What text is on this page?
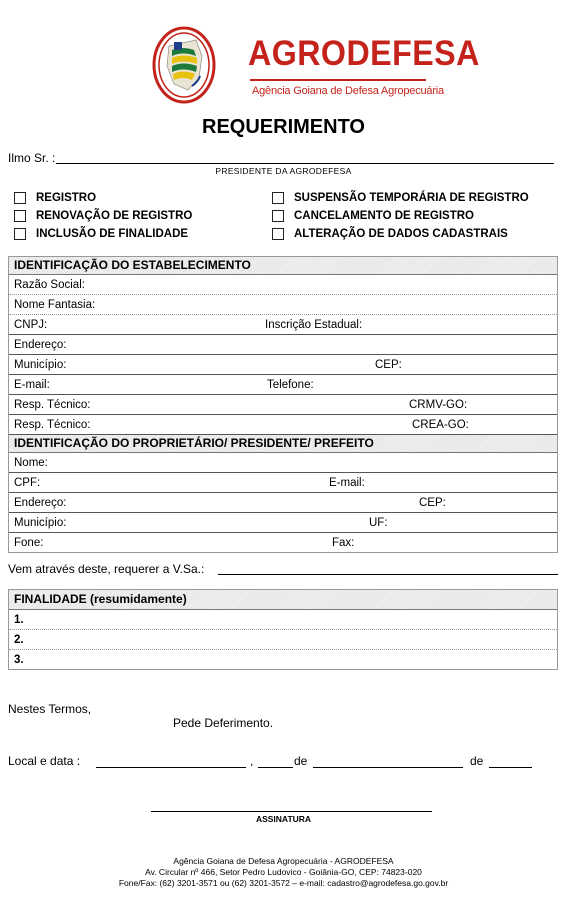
AGRODEFESA
Agência Goiana de Defesa Agropecuária
REQUERIMENTO
Ilmo Sr. :
PRESIDENTE DA AGRODEFESA
REGISTRO
RENOVAÇÃO DE REGISTRO
INCLUSÃO DE FINALIDADE
SUSPENSÃO TEMPORÁRIA DE REGISTRO
CANCELAMENTO DE REGISTRO
ALTERAÇÃO DE DADOS CADASTRAIS
IDENTIFICAÇÃO DO ESTABELECIMENTO
Razão Social:
Nome Fantasia:
CNPJ:	Inscrição Estadual:
Endereço:
Município:	CEP:
E-mail:	Telefone:
Resp. Técnico:	CRMV-GO:
Resp. Técnico:	CREA-GO:
IDENTIFICAÇÃO DO PROPRIETÁRIO/ PRESIDENTE/ PREFEITO
Nome:
CPF:	E-mail:
Endereço:	CEP:
Município:	UF:
Fone:	Fax:
Vem através deste, requerer a V.Sa.:
FINALIDADE (resumidamente)
1.
2.
3.
Nestes Termos,
Pede Deferimento.
Local e data :	,	de	de
ASSINATURA
Agência Goiana de Defesa Agropecuária - AGRODEFESA
Av. Circular nº 466, Setor Pedro Ludovico - Goiânia-GO, CEP: 74823-020
Fone/Fax: (62) 3201-3571 ou (62) 3201-3572 – e-mail: cadastro@agrodefesa.go.gov.br
